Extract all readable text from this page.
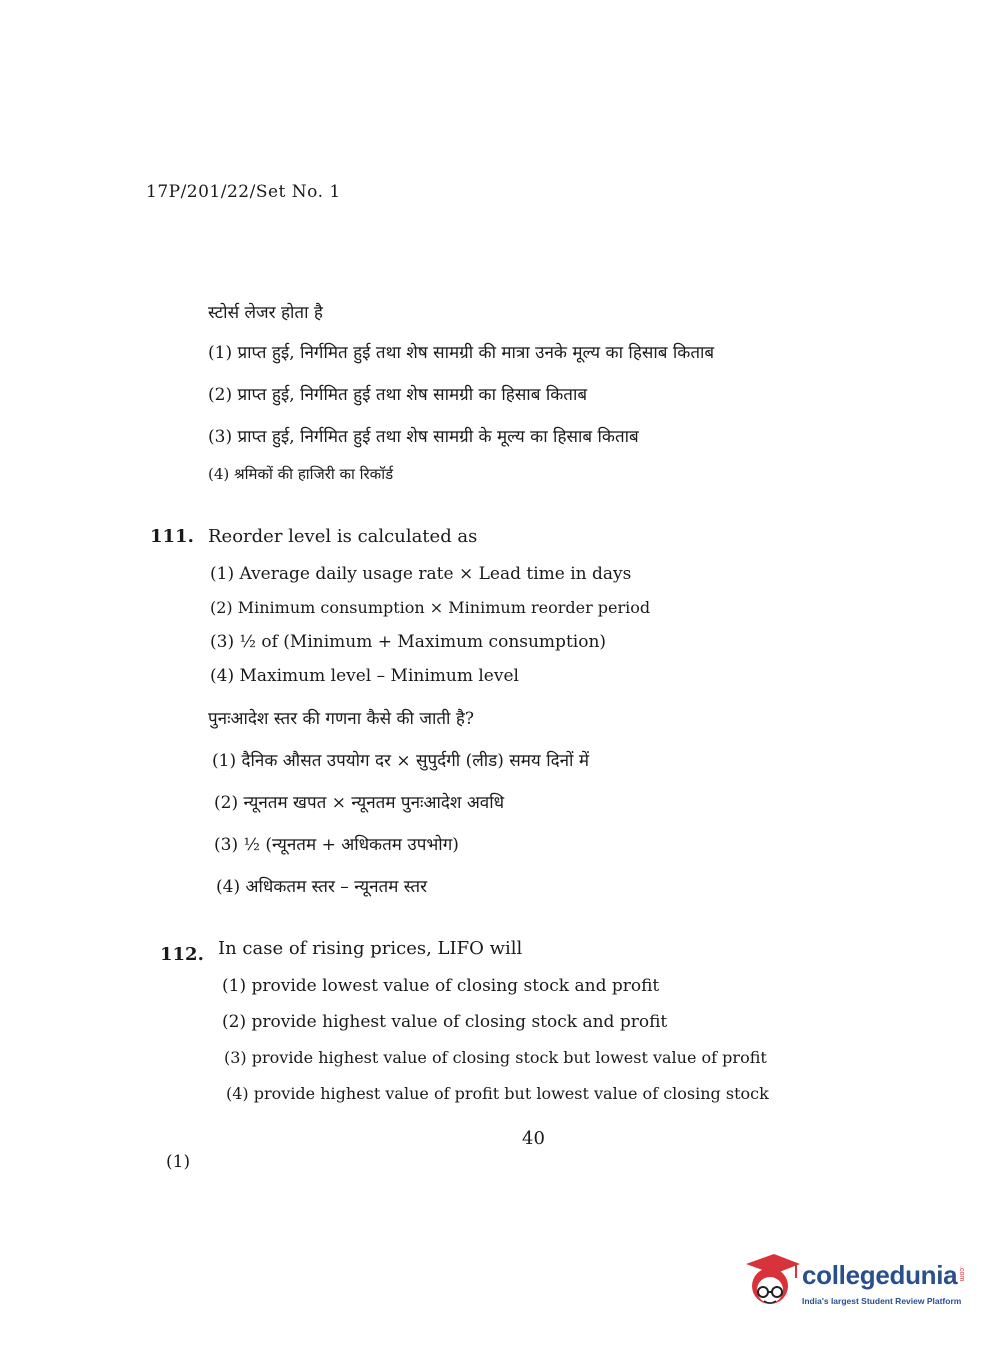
17P/201/22/Set No. 1
स्टोर्स लेजर होता है
(1) प्राप्त हुई, निर्गमित हुई तथा शेष सामग्री की मात्रा उनके मूल्य का हिसाब किताब
(2) प्राप्त हुई, निर्गमित हुई तथा शेष सामग्री का हिसाब किताब
(3) प्राप्त हुई, निर्गमित हुई तथा शेष सामग्री के मूल्य का हिसाब किताब
(4) श्रमिकों की हाजिरी का रिकॉर्ड
111. Reorder level is calculated as
(1) Average daily usage rate × Lead time in days
(2) Minimum consumption × Minimum reorder period
(3) ½ of (Minimum + Maximum consumption)
(4) Maximum level – Minimum level
पुनःआदेश स्तर की गणना कैसे की जाती है?
(1) दैनिक औसत उपयोग दर × सुपुर्दगी (लीड) समय दिनों में
(2) न्यूनतम खपत × न्यूनतम पुनःआदेश अवधि
(3) ½ (न्यूनतम + अधिकतम उपभोग)
(4) अधिकतम स्तर – न्यूनतम स्तर
112. In case of rising prices, LIFO will
(1) provide lowest value of closing stock and profit
(2) provide highest value of closing stock and profit
(3) provide highest value of closing stock but lowest value of profit
(4) provide highest value of profit but lowest value of closing stock
40
(1)
collegedunia .com
India's largest Student Review Platform
